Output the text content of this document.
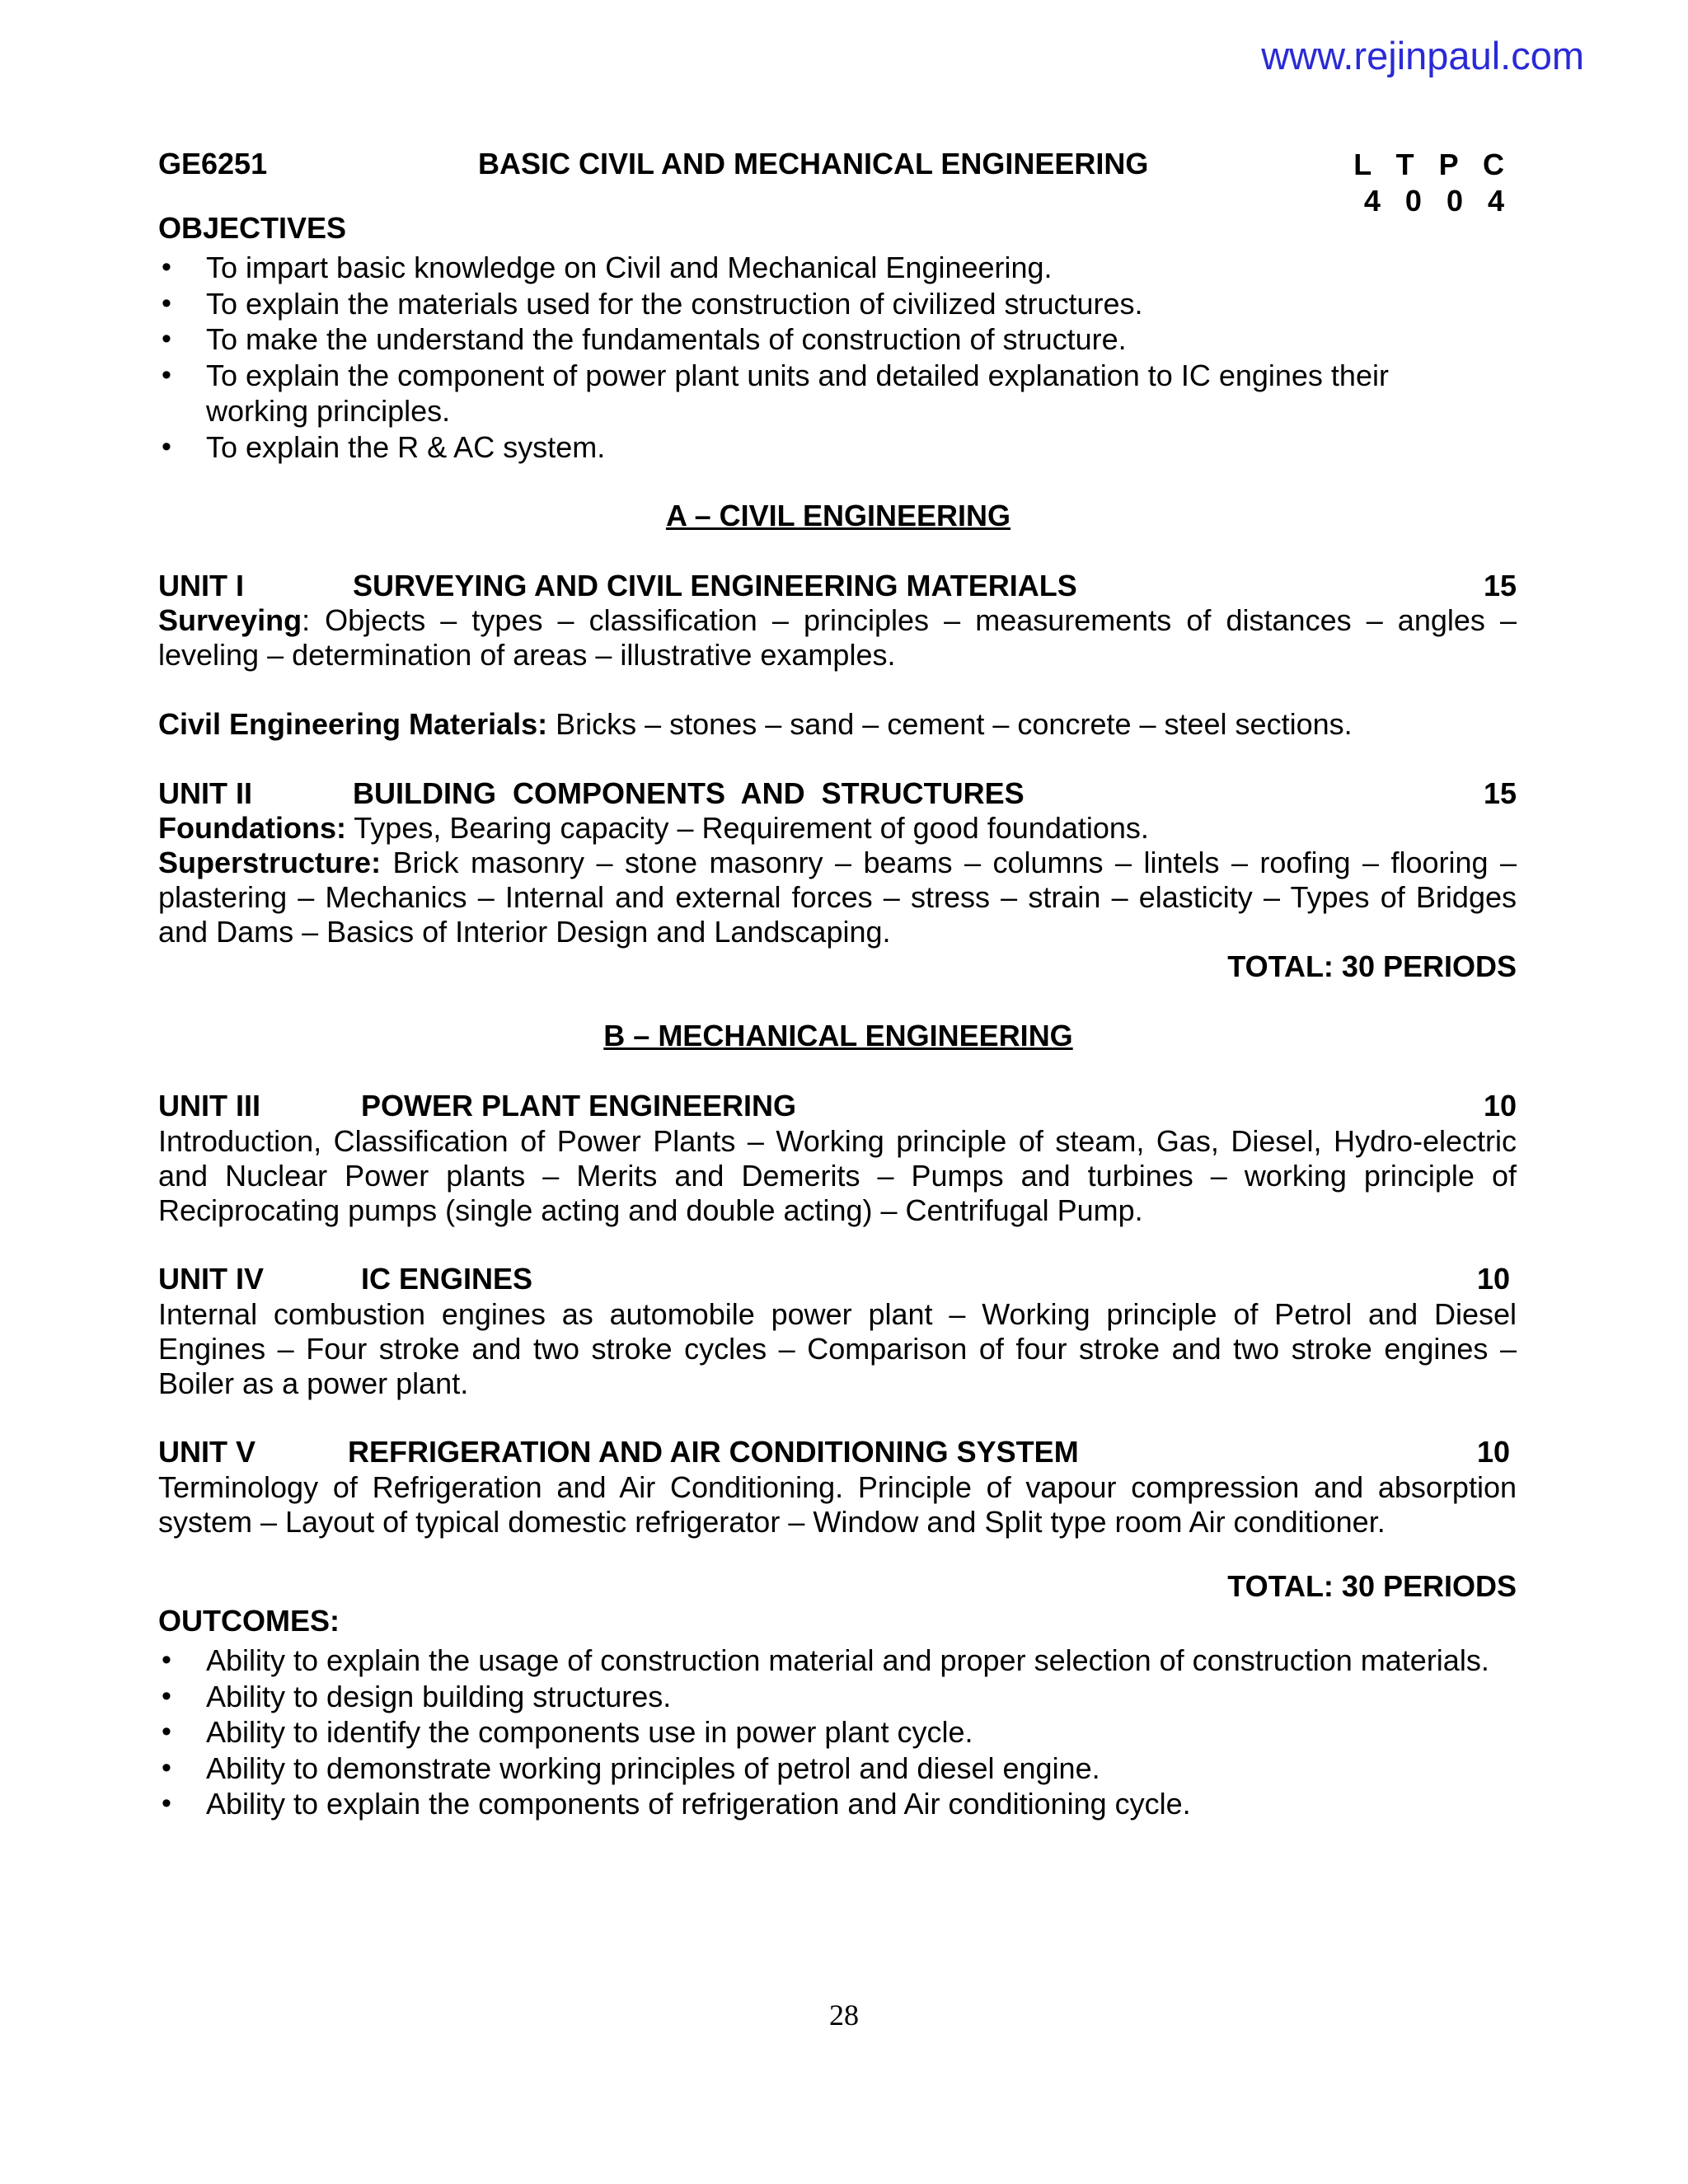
www.rejinpaul.com
GE6251	BASIC CIVIL AND MECHANICAL ENGINEERING	L T P C
4 0 0 4
OBJECTIVES
• To impart basic knowledge on Civil and Mechanical Engineering.
• To explain the materials used for the construction of civilized structures.
• To make the understand the fundamentals of construction of structure.
• To explain the component of power plant units and detailed explanation to IC engines their working principles.
• To explain the R & AC system.
A – CIVIL ENGINEERING
UNIT I	SURVEYING AND CIVIL ENGINEERING MATERIALS	15
Surveying: Objects – types – classification – principles – measurements of distances – angles – leveling – determination of areas – illustrative examples.
Civil Engineering Materials: Bricks – stones – sand – cement – concrete – steel sections.
UNIT II	BUILDING  COMPONENTS  AND  STRUCTURES	15
Foundations: Types, Bearing capacity – Requirement of good foundations.
Superstructure: Brick masonry – stone masonry – beams – columns – lintels – roofing – flooring – plastering – Mechanics – Internal and external forces – stress – strain – elasticity – Types of Bridges and Dams – Basics of Interior Design and Landscaping.
TOTAL: 30 PERIODS
B – MECHANICAL ENGINEERING
UNIT III	POWER PLANT ENGINEERING	10
Introduction, Classification of Power Plants – Working principle of steam, Gas, Diesel, Hydro-electric and Nuclear Power plants – Merits and Demerits – Pumps and turbines – working principle of Reciprocating pumps (single acting and double acting) – Centrifugal Pump.
UNIT IV	IC ENGINES	10
Internal combustion engines as automobile power plant – Working principle of Petrol and Diesel Engines – Four stroke and two stroke cycles – Comparison of four stroke and two stroke engines – Boiler as a power plant.
UNIT V	REFRIGERATION AND AIR CONDITIONING SYSTEM	10
Terminology of Refrigeration and Air Conditioning. Principle of vapour compression and absorption system – Layout of typical domestic refrigerator – Window and Split type room Air conditioner.
TOTAL: 30 PERIODS
OUTCOMES:
• Ability to explain the usage of construction material and proper selection of construction materials.
• Ability to design building structures.
• Ability to identify the components use in power plant cycle.
• Ability to demonstrate working principles of petrol and diesel engine.
• Ability to explain the components of refrigeration and Air conditioning cycle.
28
